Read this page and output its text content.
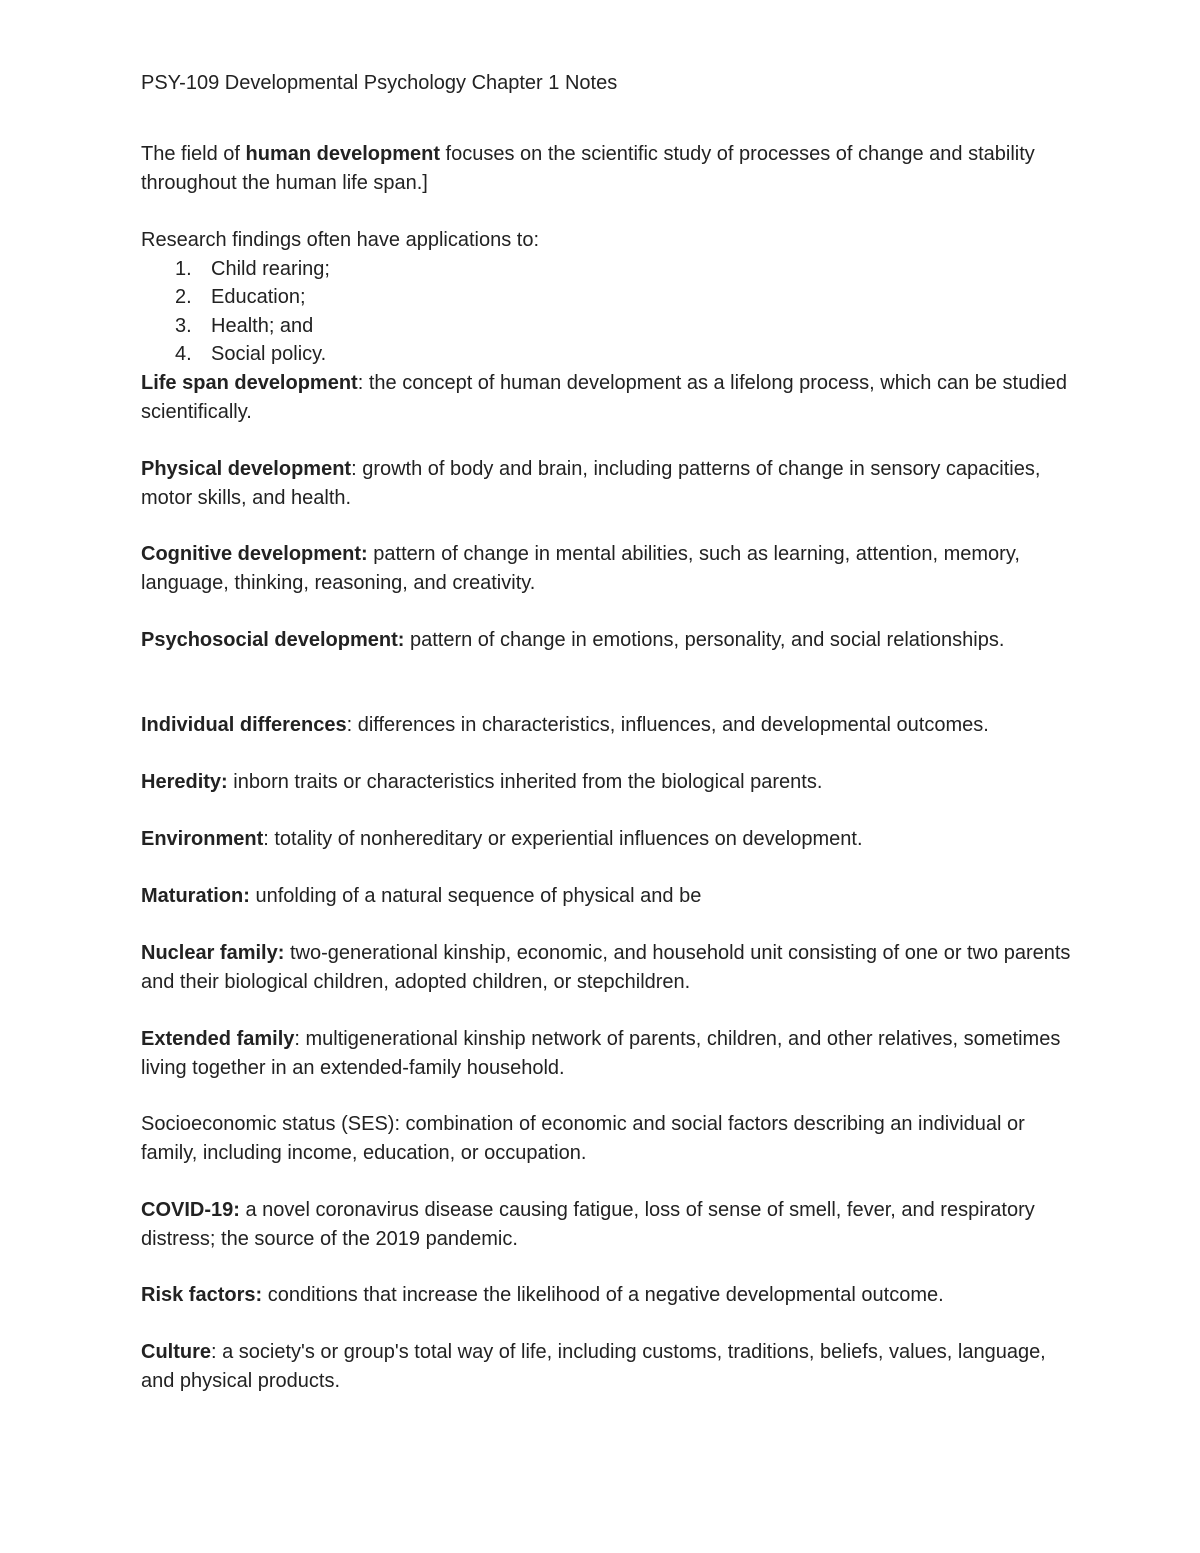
PSY-109 Developmental Psychology Chapter 1 Notes

The field of human development focuses on the scientific study of processes of change and stability throughout the human life span.]

Research findings often have applications to:

1. Child rearing;
2. Education;
3. Health; and
4. Social policy.

Life span development: the concept of human development as a lifelong process, which can be studied scientifically.

Physical development: growth of body and brain, including patterns of change in sensory capacities, motor skills, and health.

Cognitive development: pattern of change in mental abilities, such as learning, attention, memory, language, thinking, reasoning, and creativity.

Psychosocial development: pattern of change in emotions, personality, and social relationships.

Individual differences: differences in characteristics, influences, and developmental outcomes.

Heredity: inborn traits or characteristics inherited from the biological parents.

Environment: totality of nonhereditary or experiential influences on development.

Maturation: unfolding of a natural sequence of physical and be

Nuclear family: two-generational kinship, economic, and household unit consisting of one or two parents and their biological children, adopted children, or stepchildren.

Extended family: multigenerational kinship network of parents, children, and other relatives, sometimes living together in an extended-family household.

Socioeconomic status (SES): combination of economic and social factors describing an individual or family, including income, education, or occupation.

COVID-19: a novel coronavirus disease causing fatigue, loss of sense of smell, fever, and respiratory distress; the source of the 2019 pandemic.

Risk factors: conditions that increase the likelihood of a negative developmental outcome.

Culture: a society's or group's total way of life, including customs, traditions, beliefs, values, language, and physical products.
